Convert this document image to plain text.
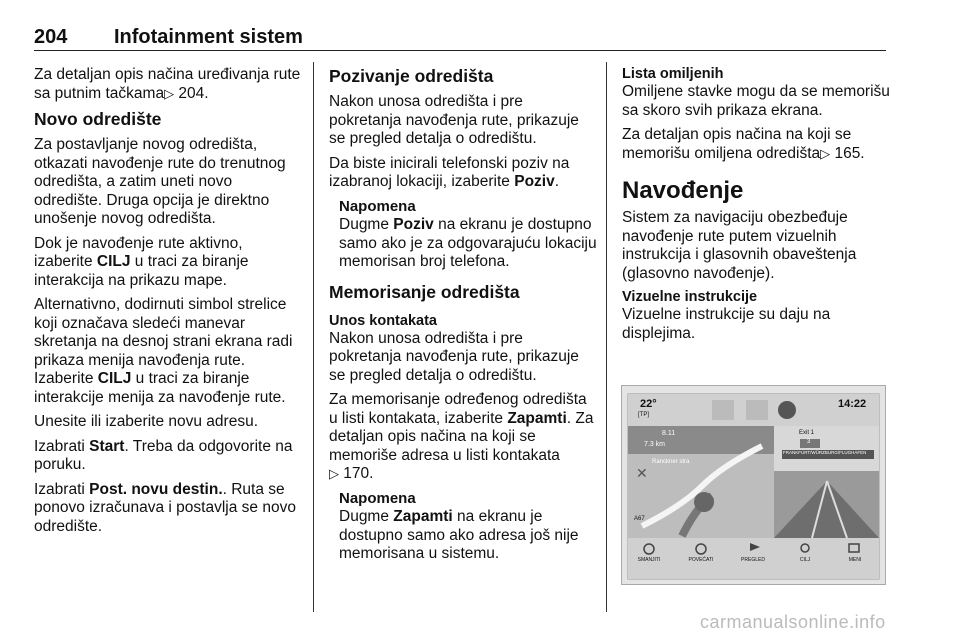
204 Infotainment sistem

Za detaljan opis načina uređivanja rute sa putnim tačkama▷ 204.

Novo odredište

Za postavljanje novog odredišta, otkazati navođenje rute do trenutnog odredišta, a zatim uneti novo odredište. Druga opcija je direktno unošenje novog odredišta.

Dok je navođenje rute aktivno, izaberite CILJ u traci za biranje interakcija na prikazu mape.

Alternativno, dodirnuti simbol strelice koji označava sledeći manevar skretanja na desnoj strani ekrana radi prikaza menija navođenja rute. Izaberite CILJ u traci za biranje interakcije menija za navođenje rute.

Unesite ili izaberite novu adresu.

Izabrati Start. Treba da odgovorite na poruku.

Izabrati Post. novu destin.. Ruta se ponovo izračunava i postavlja se novo odredište.

Pozivanje odredišta

Nakon unosa odredišta i pre pokretanja navođenja rute, prikazuje se pregled detalja o odredištu.

Da biste inicirali telefonski poziv na izabranoj lokaciji, izaberite Poziv.

Napomena
Dugme Poziv na ekranu je dostupno samo ako je za odgovarajuću lokaciju memorisan broj telefona.
Memorisanje odredišta
Unos kontakata

Nakon unosa odredišta i pre pokretanja navođenja rute, prikazuje se pregled detalja o odredištu.

Za memorisanje određenog odredišta u listi kontakata, izaberite Zapamti. Za detaljan opis načina na koji se memoriše adresa u listi kontakata
▷ 170.

Napomena
Dugme Zapamti na ekranu je dostupno samo ako adresa još nije memorisana u sistemu.
Lista omiljenih

Omiljene stavke mogu da se memorišu sa skoro svih prikaza ekrana.

Za detaljan opis načina na koji se memorišu omiljena odredišta▷ 165.

Navođenje

Sistem za navigaciju obezbeđuje navođenje rute putem vizuelnih instrukcija i glasovnih obaveštenja (glasovno navođenje).

Vizuelne instrukcije

Vizuelne instrukcije su daju na displejima.

✕
22°
[TP]
14:22
8.11
7.3 km
Ranckner stra
Exit 1
3
FRANKFURT/WÜRZBURG/FLUGHAFEN
A67
SMANJITI	POVEĆATI	PREGLED	CILJ	MENI
carmanualsonline.info
